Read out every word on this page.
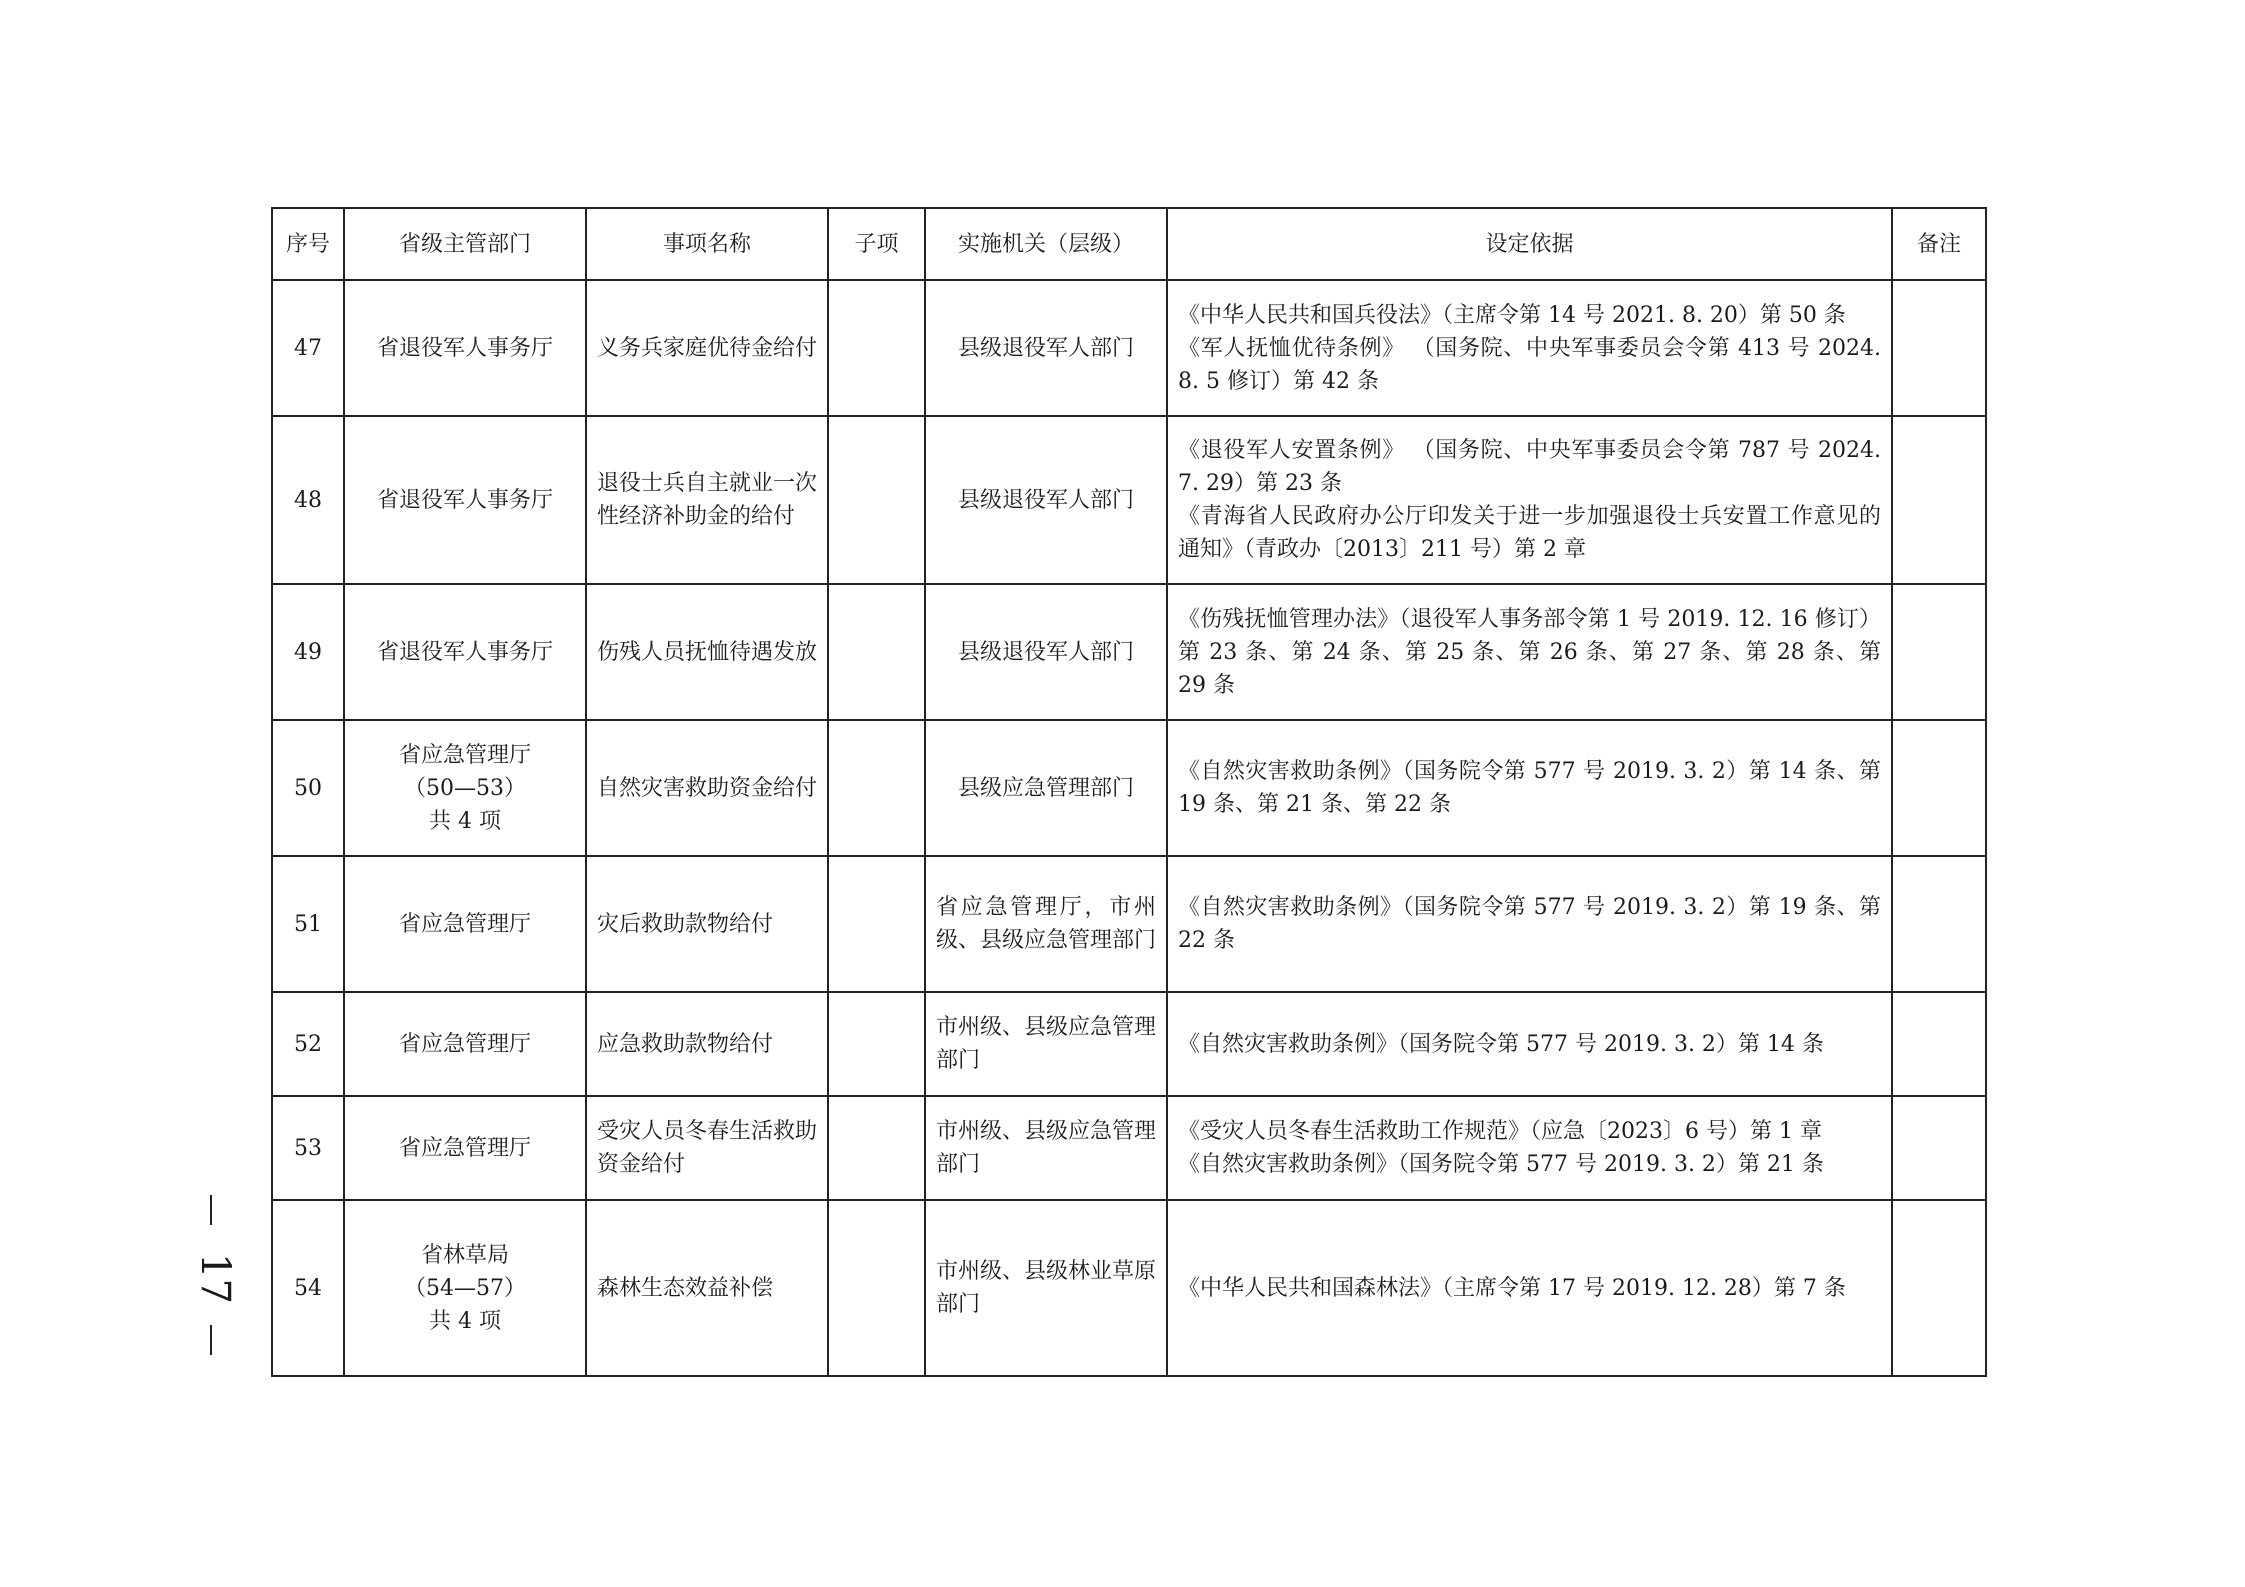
序号	省级主管部门	事项名称	子项	实施机关（层级）	设定依据	备注
47	省退役军人事务厅	义务兵家庭优待金给付		县级退役军人部门	《中华人民共和国兵役法》（主席令第 14 号 2021. 8. 20）第 50 条
《军人抚恤优待条例》 （国务院、中央军事委员会令第 413 号 2024. 8. 5 修订）第 42 条	

48	省退役军人事务厅	退役士兵自主就业一次性经济补助金的给付		县级退役军人部门	《退役军人安置条例》 （国务院、中央军事委员会令第 787 号 2024. 7. 29）第 23 条
《青海省人民政府办公厅印发关于进一步加强退役士兵安置工作意见的通知》（青政办〔2013〕211 号）第 2 章	

49	省退役军人事务厅	伤残人员抚恤待遇发放		县级退役军人部门	《伤残抚恤管理办法》（退役军人事务部令第 1 号 2019. 12. 16 修订）第 23 条、第 24 条、第 25 条、第 26 条、第 27 条、第 28 条、第 29 条	

50	省应急管理厅
（50—53）
共 4 项	自然灾害救助资金给付		县级应急管理部门	《自然灾害救助条例》（国务院令第 577 号 2019. 3. 2）第 14 条、第 19 条、第 21 条、第 22 条	

51	省应急管理厅	灾后救助款物给付		省应急管理厅，市州级、县级应急管理部门	《自然灾害救助条例》（国务院令第 577 号 2019. 3. 2）第 19 条、第 22 条	

52	省应急管理厅	应急救助款物给付		市州级、县级应急管理部门	《自然灾害救助条例》（国务院令第 577 号 2019. 3. 2）第 14 条	

53	省应急管理厅	受灾人员冬春生活救助资金给付		市州级、县级应急管理部门	《受灾人员冬春生活救助工作规范》（应急〔2023〕6 号）第 1 章
《自然灾害救助条例》（国务院令第 577 号 2019. 3. 2）第 21 条	

54	省林草局
（54—57）
共 4 项	森林生态效益补偿		市州级、县级林业草原部门	《中华人民共和国森林法》（主席令第 17 号 2019. 12. 28）第 7 条	

17
